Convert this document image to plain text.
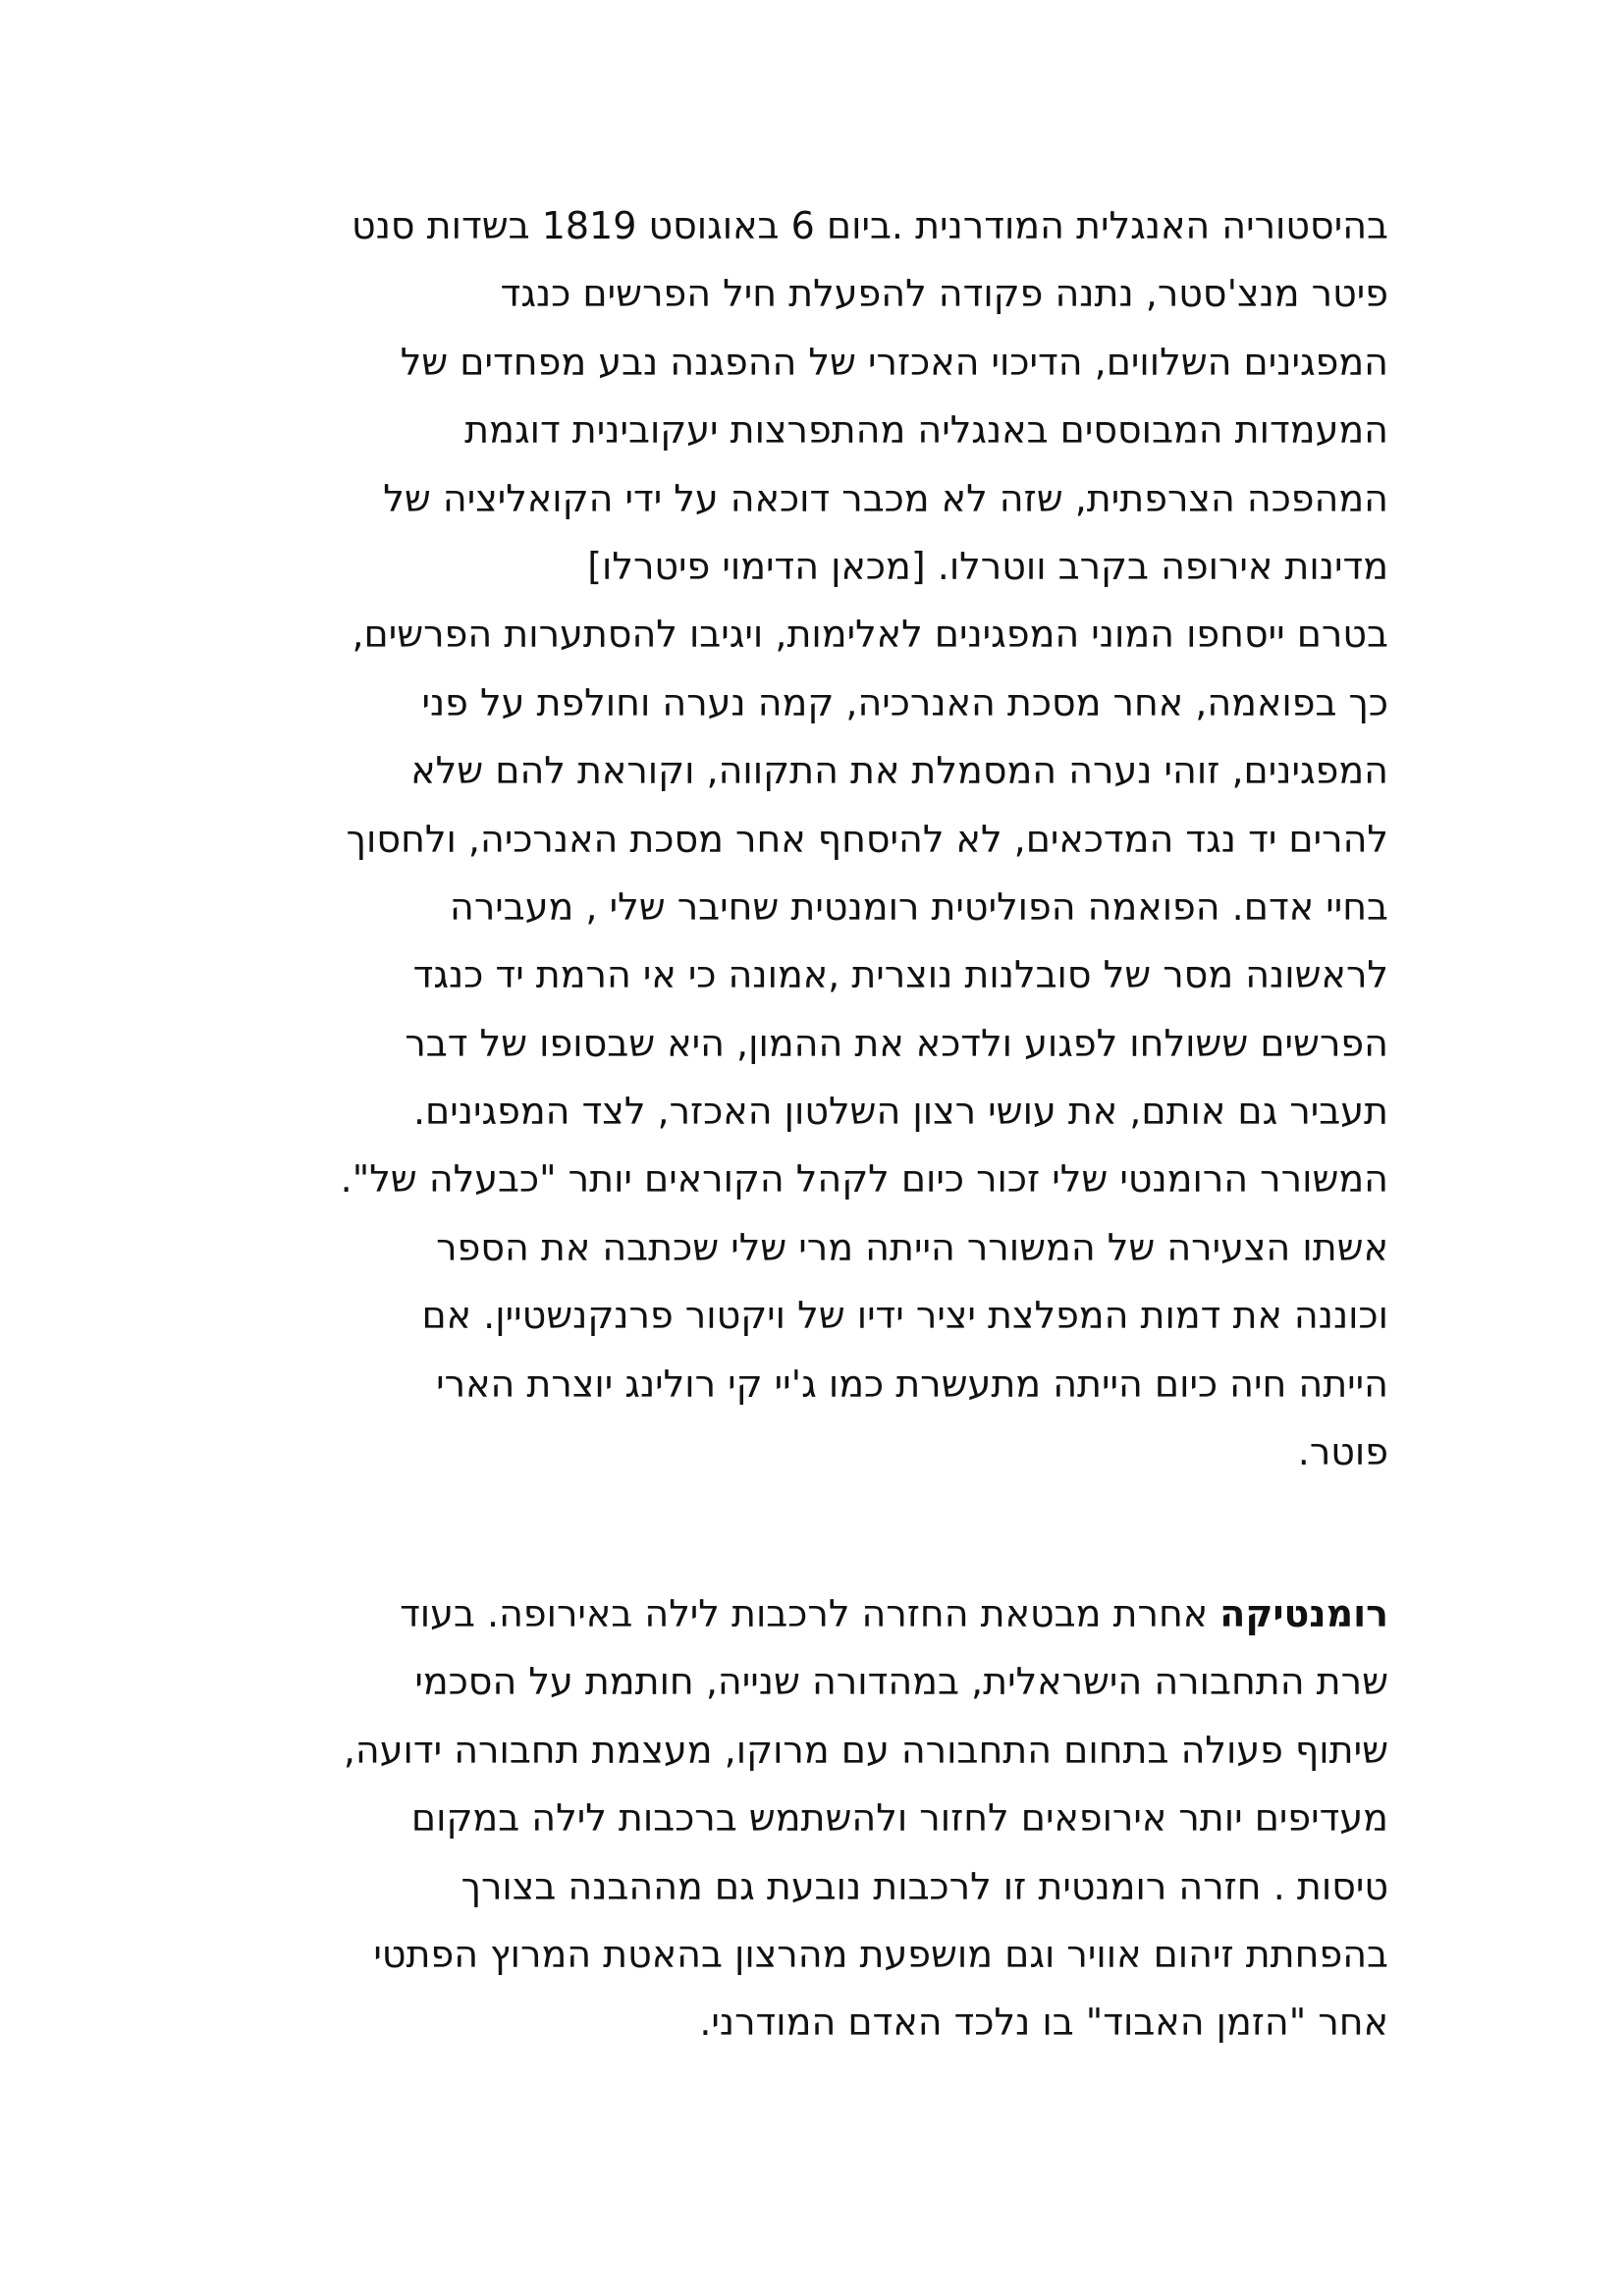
בהיסטוריה האנגלית המודרנית .ביום 6 באוגוסט 1819 בשדות סנט
פיטר מנצ'סטר, נתנה פקודה להפעלת חיל הפרשים כנגד
המפגינים השלווים, הדיכוי האכזרי של ההפגנה נבע מפחדים של
המעמדות המבוססים באנגליה מהתפרצות יעקובינית דוגמת
המהפכה הצרפתית, שזה לא מכבר דוכאה על ידי הקואליציה של
מדינות אירופה בקרב ווטרלו. [מכאן הדימוי פיטרלו]
בטרם ייסחפו המוני המפגינים לאלימות, ויגיבו להסתערות הפרשים,
כך בפואמה, אחר מסכת האנרכיה, קמה נערה וחולפת על פני
המפגינים, זוהי נערה המסמלת את התקווה, וקוראת להם שלא
להרים יד נגד המדכאים, לא להיסחף אחר מסכת האנרכיה, ולחסוך
בחיי אדם. הפואמה הפוליטית רומנטית שחיבר שלי , מעבירה
לראשונה מסר של סובלנות נוצרית ,אמונה כי אי הרמת יד כנגד
הפרשים ששולחו לפגוע ולדכא את ההמון, היא שבסופו של דבר
תעביר גם אותם, את עושי רצון השלטון האכזר, לצד המפגינים.
המשורר הרומנטי שלי זכור כיום לקהל הקוראים יותר "כבעלה של".
אשתו הצעירה של המשורר הייתה מרי שלי שכתבה את הספר
וכוננה את דמות המפלצת יציר ידיו של ויקטור פרנקנשטיין. אם
הייתה חיה כיום הייתה מתעשרת כמו ג'יי קי רולינג יוצרת הארי
פוטר.
רומנטיקה אחרת מבטאת החזרה לרכבות לילה באירופה. בעוד
שרת התחבורה הישראלית, במהדורה שנייה, חותמת על הסכמי
שיתוף פעולה בתחום התחבורה עם מרוקו, מעצמת תחבורה ידועה,
מעדיפים יותר אירופאים לחזור ולהשתמש ברכבות לילה במקום
טיסות . חזרה רומנטית זו לרכבות נובעת גם מההבנה בצורך
בהפחתת זיהום אוויר וגם מושפעת מהרצון בהאטת המרוץ הפתטי
אחר "הזמן האבוד" בו נלכד האדם המודרני.
